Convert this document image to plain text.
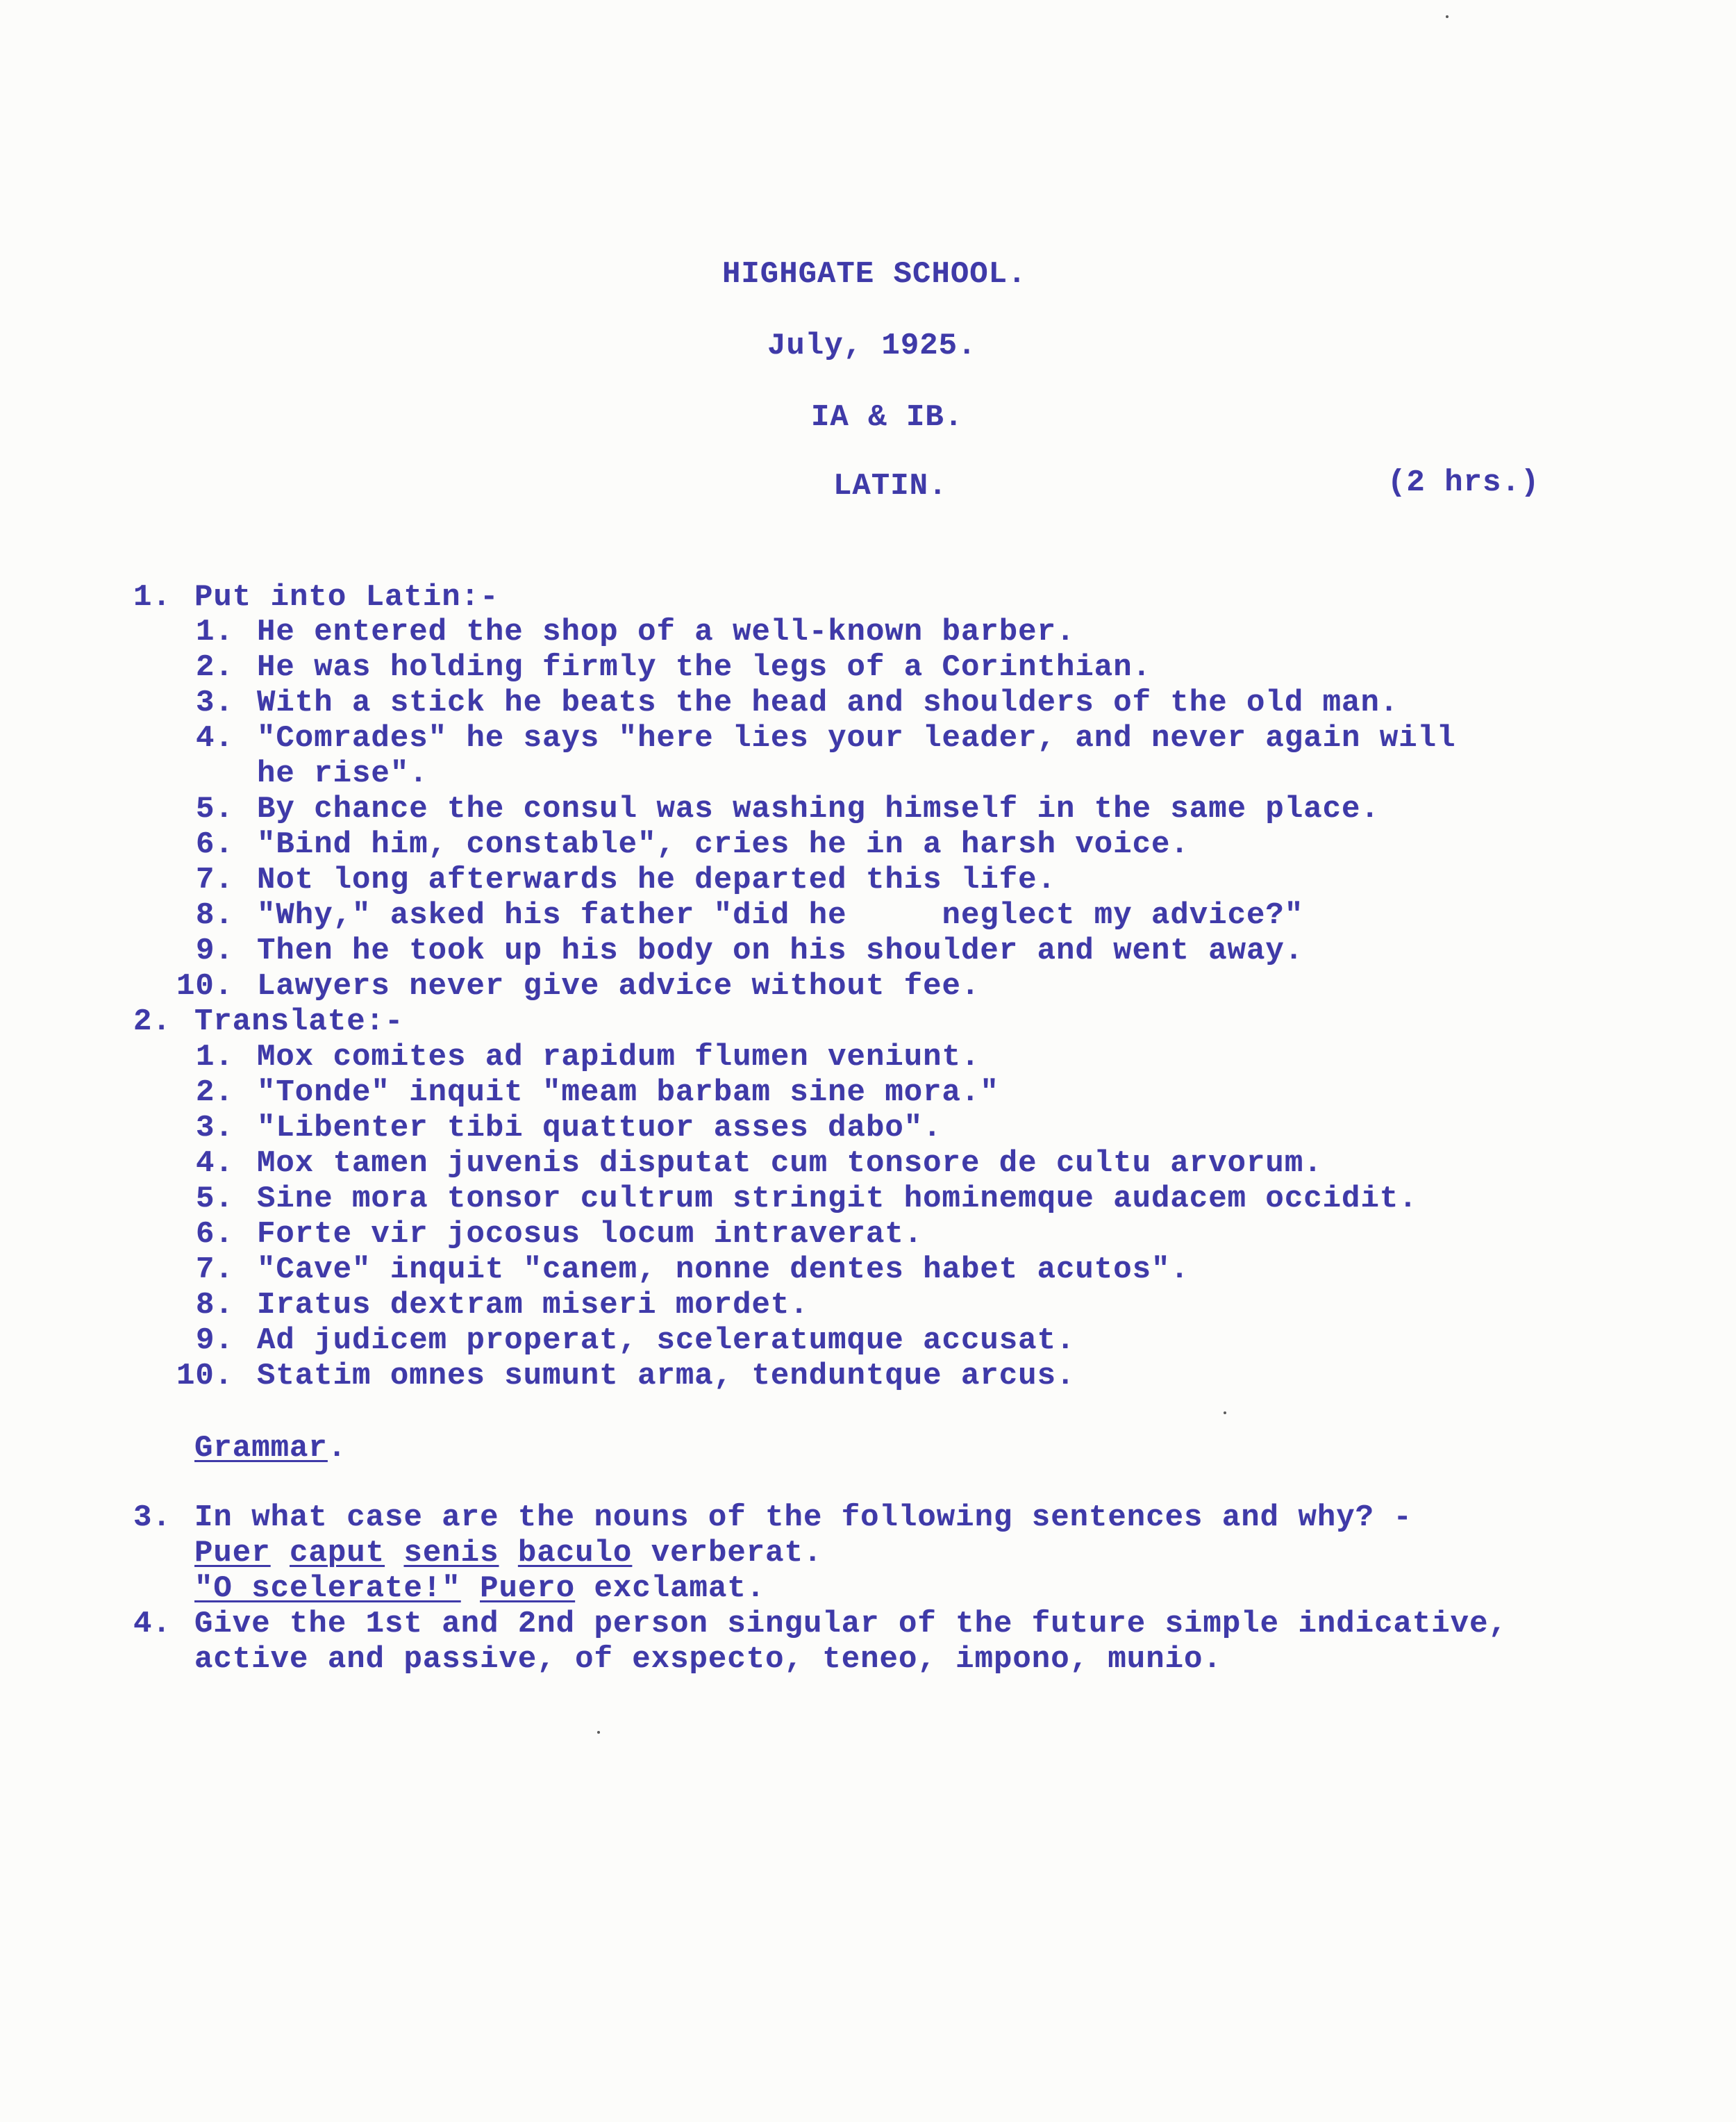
HIGHGATE SCHOOL.
July, 1925.
IA & IB.
LATIN.	(2 hrs.)
1. Put into Latin:-
1. He entered the shop of a well-known barber.
2. He was holding firmly the legs of a Corinthian.
3. With a stick he beats the head and shoulders of the old man.
4. "Comrades" he says "here lies your leader, and never again will
he rise".
5. By chance the consul was washing himself in the same place.
6. "Bind him, constable", cries he in a harsh voice.
7. Not long afterwards he departed this life.
8. "Why," asked his father "did he     neglect my advice?"
9. Then he took up his body on his shoulder and went away.
10. Lawyers never give advice without fee.
2. Translate:-
1. Mox comites ad rapidum flumen veniunt.
2. "Tonde" inquit "meam barbam sine mora."
3. "Libenter tibi quattuor asses dabo".
4. Mox tamen juvenis disputat cum tonsore de cultu arvorum.
5. Sine mora tonsor cultrum stringit hominemque audacem occidit.
6. Forte vir jocosus locum intraverat.
7. "Cave" inquit "canem, nonne dentes habet acutos".
8. Iratus dextram miseri mordet.
9. Ad judicem properat, sceleratumque accusat.
10. Statim omnes sumunt arma, tenduntque arcus.
Grammar.
3. In what case are the nouns of the following sentences and why? -
Puer caput senis baculo verberat.
"O scelerate!" Puero exclamat.
4. Give the 1st and 2nd person singular of the future simple indicative,
active and passive, of exspecto, teneo, impono, munio.
